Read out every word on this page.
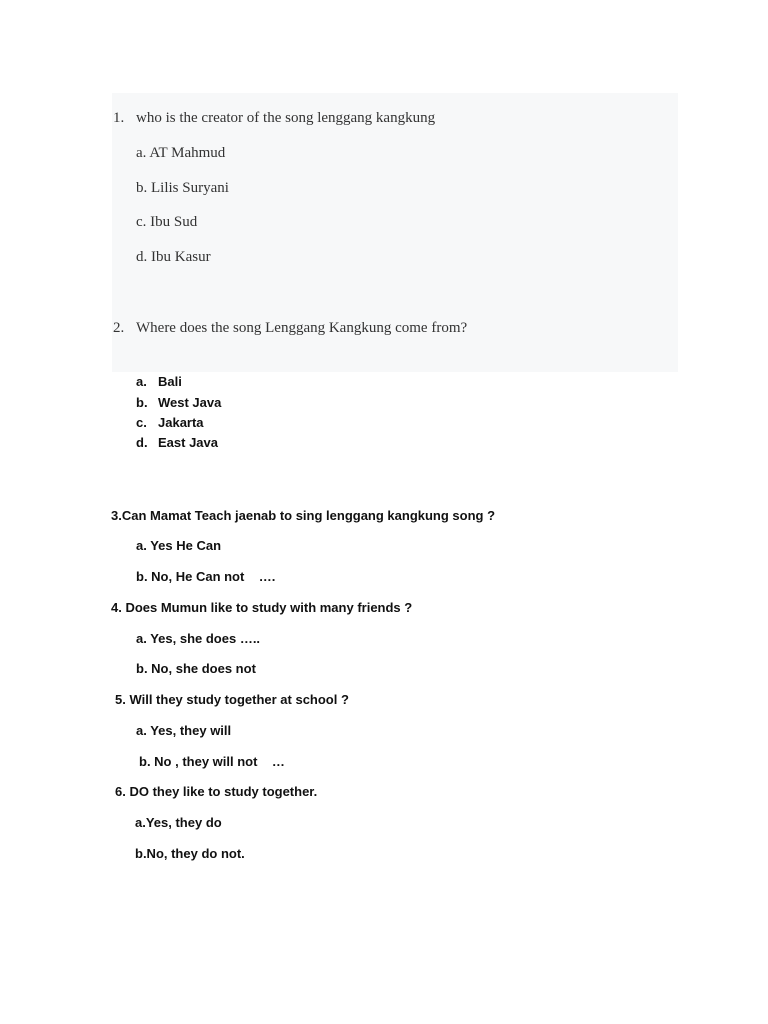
1. who is the creator of the song lenggang kangkung
a. AT Mahmud
b. Lilis Suryani
c. Ibu Sud
d. Ibu Kasur
2. Where does the song Lenggang Kangkung come from?
a. Bali
b. West Java
c. Jakarta
d. East Java
3.Can Mamat Teach jaenab to sing lenggang kangkung song ?
a. Yes He Can
b. No, He Can not    ….
4. Does Mumun like to study with many friends ?
a. Yes, she does …..
b. No, she does not
5. Will they study together at school ?
a. Yes, they will
b. No , they will not    …
6. DO they like to study together.
a.Yes, they do
b.No, they do not.
